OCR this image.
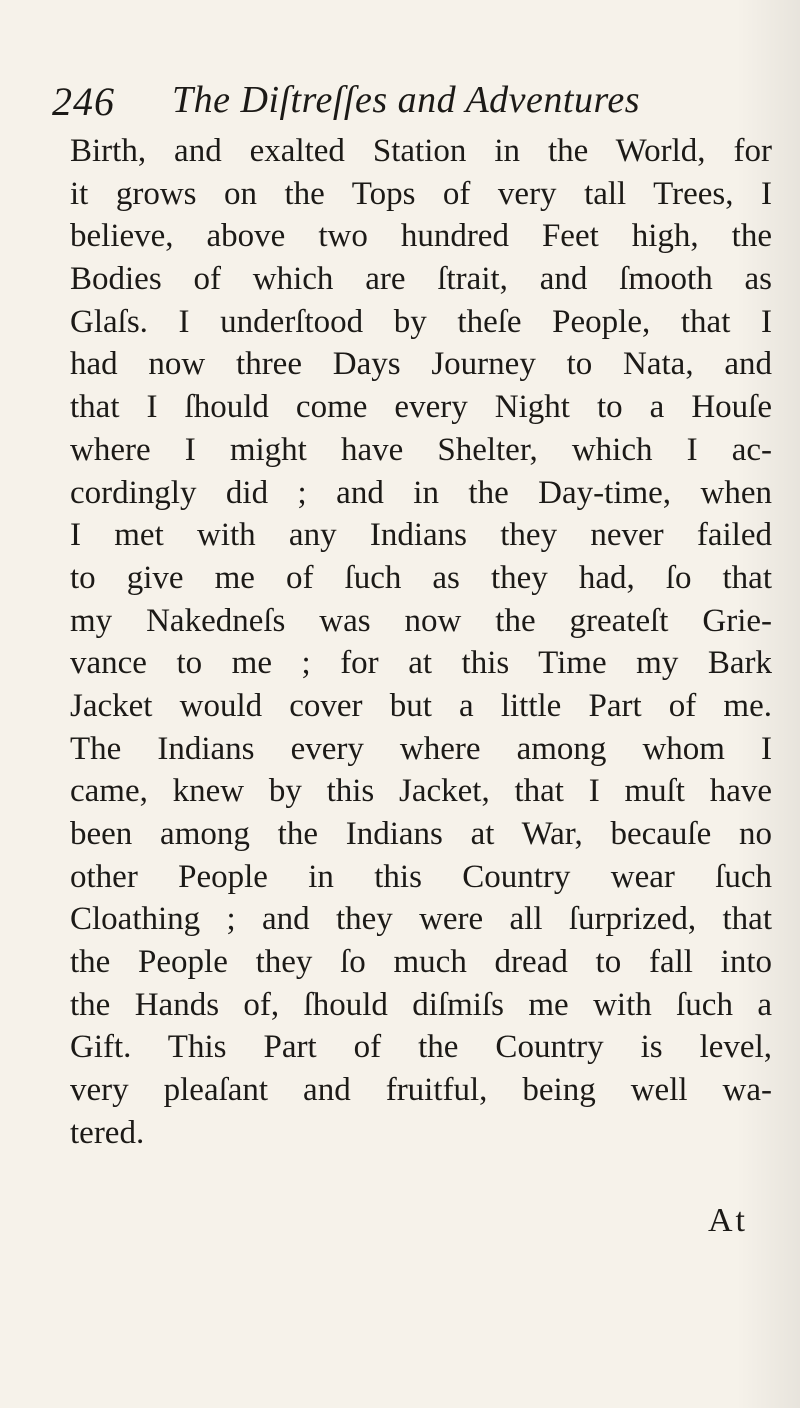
246 The Diſtreſſes and Adventures
Birth, and exalted Station in the World, for
it grows on the Tops of very tall Trees, I
believe, above two hundred Feet high, the
Bodies of which are ſtrait, and ſmooth as
Glaſs. I underſtood by theſe People, that I
had now three Days Journey to Nata, and
that I ſhould come every Night to a Houſe
where I might have Shelter, which I ac-
cordingly did ; and in the Day-time, when
I met with any Indians they never failed
to give me of ſuch as they had, ſo that
my Nakedneſs was now the greateſt Grie-
vance to me ; for at this Time my Bark
Jacket would cover but a little Part of me.
The Indians every where among whom I
came, knew by this Jacket, that I muſt have
been among the Indians at War, becauſe no
other People in this Country wear ſuch
Cloathing ; and they were all ſurprized, that
the People they ſo much dread to fall into
the Hands of, ſhould diſmiſs me with ſuch a
Gift. This Part of the Country is level,
very pleaſant and fruitful, being well wa-
tered.
At
